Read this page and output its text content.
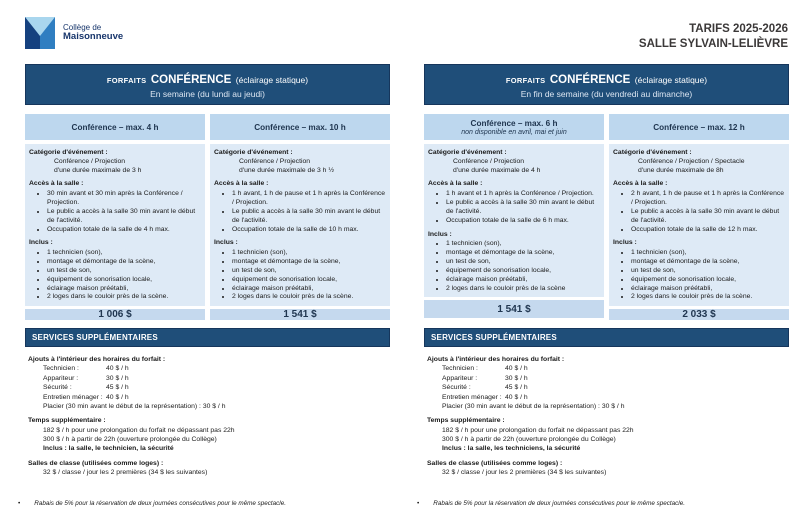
Collège de
Maisonneuve
TARIFS 2025-2026
SALLE SYLVAIN-LELIÈVRE
FORFAITS CONFÉRENCE (éclairage statique)
En semaine (du lundi au jeudi)
Conférence – max. 4 h
Catégorie d'événement :
Conférence / Projection
d'une durée maximale de 3 h
Accès à la salle :
• 30 min avant et 30 min après la Conférence / Projection.
• Le public a accès à la salle 30 min avant le début de l'activité.
• Occupation totale de la salle de 4 h max.
Inclus :
• 1 technicien (son),
• montage et démontage de la scène,
• un test de son,
• équipement de sonorisation locale,
• éclairage maison préétabli,
• 2 loges dans le couloir près de la scène.
1 006 $
Conférence – max. 10 h
Catégorie d'événement :
Conférence / Projection
d'une durée maximale de 3 h ½
Accès à la salle :
• 1 h avant, 1 h de pause et 1 h après la Conférence / Projection.
• Le public a accès à la salle 30 min avant le début de l'activité.
• Occupation totale de la salle de 10 h max.
Inclus :
• 1 technicien (son),
• montage et démontage de la scène,
• un test de son,
• équipement de sonorisation locale,
• éclairage maison préétabli,
• 2 loges dans le couloir près de la scène.
1 541 $
SERVICES SUPPLÉMENTAIRES
Ajouts à l'intérieur des horaires du forfait :
Technicien :	40 $ / h
Appariteur :	30 $ / h
Sécurité :	45 $ / h
Entretien ménager : 40 $ / h
Placier (30 min avant le début de la représentation) : 30 $ / h
Temps supplémentaire :
182 $ / h pour une prolongation du forfait ne dépassant pas 22h
300 $ / h à partir de 22h (ouverture prolongée du Collège)
Inclus : la salle, le technicien, la sécurité
Salles de classe (utilisées comme loges) :
32 $ / classe / jour les 2 premières (34 $ les suivantes)
• Rabais de 5% pour la réservation de deux journées consécutives pour le même spectacle.
FORFAITS CONFÉRENCE (éclairage statique)
En fin de semaine (du vendredi au dimanche)
Conférence – max. 6 h
non disponible en avril, mai et juin
Catégorie d'événement :
Conférence / Projection
d'une durée maximale de 4 h
Accès à la salle :
• 1 h avant et 1 h après la Conférence / Projection.
• Le public a accès à la salle 30 min avant le début de l'activité.
• Occupation totale de la salle de 6 h max.
Inclus :
• 1 technicien (son),
• montage et démontage de la scène,
• un test de son,
• équipement de sonorisation locale,
• éclairage maison préétabli,
• 2 loges dans le couloir près de la scène
1 541 $
Conférence – max. 12 h
Catégorie d'événement :
Conférence / Projection / Spectacle
d'une durée maximale de 8h
Accès à la salle :
• 2 h avant, 1 h de pause et 1 h après la Conférence / Projection.
• Le public a accès à la salle 30 min avant le début de l'activité.
• Occupation totale de la salle de 12 h max.
Inclus :
• 1 technicien (son),
• montage et démontage de la scène,
• un test de son,
• équipement de sonorisation locale,
• éclairage maison préétabli,
• 2 loges dans le couloir près de la scène.
2 033 $
SERVICES SUPPLÉMENTAIRES
Ajouts à l'intérieur des horaires du forfait :
Technicien :	40 $ / h
Appariteur :	30 $ / h
Sécurité :	45 $ / h
Entretien ménager : 40 $ / h
Placier (30 min avant le début de la représentation) : 30 $ / h
Temps supplémentaire :
182 $ / h pour une prolongation du forfait ne dépassant pas 22h
300 $ / h à partir de 22h (ouverture prolongée du Collège)
Inclus : la salle, les techniciens, la sécurité
Salles de classe (utilisées comme loges) :
32 $ / classe / jour les 2 premières (34 $ les suivantes)
• Rabais de 5% pour la réservation de deux journées consécutives pour le même spectacle.
